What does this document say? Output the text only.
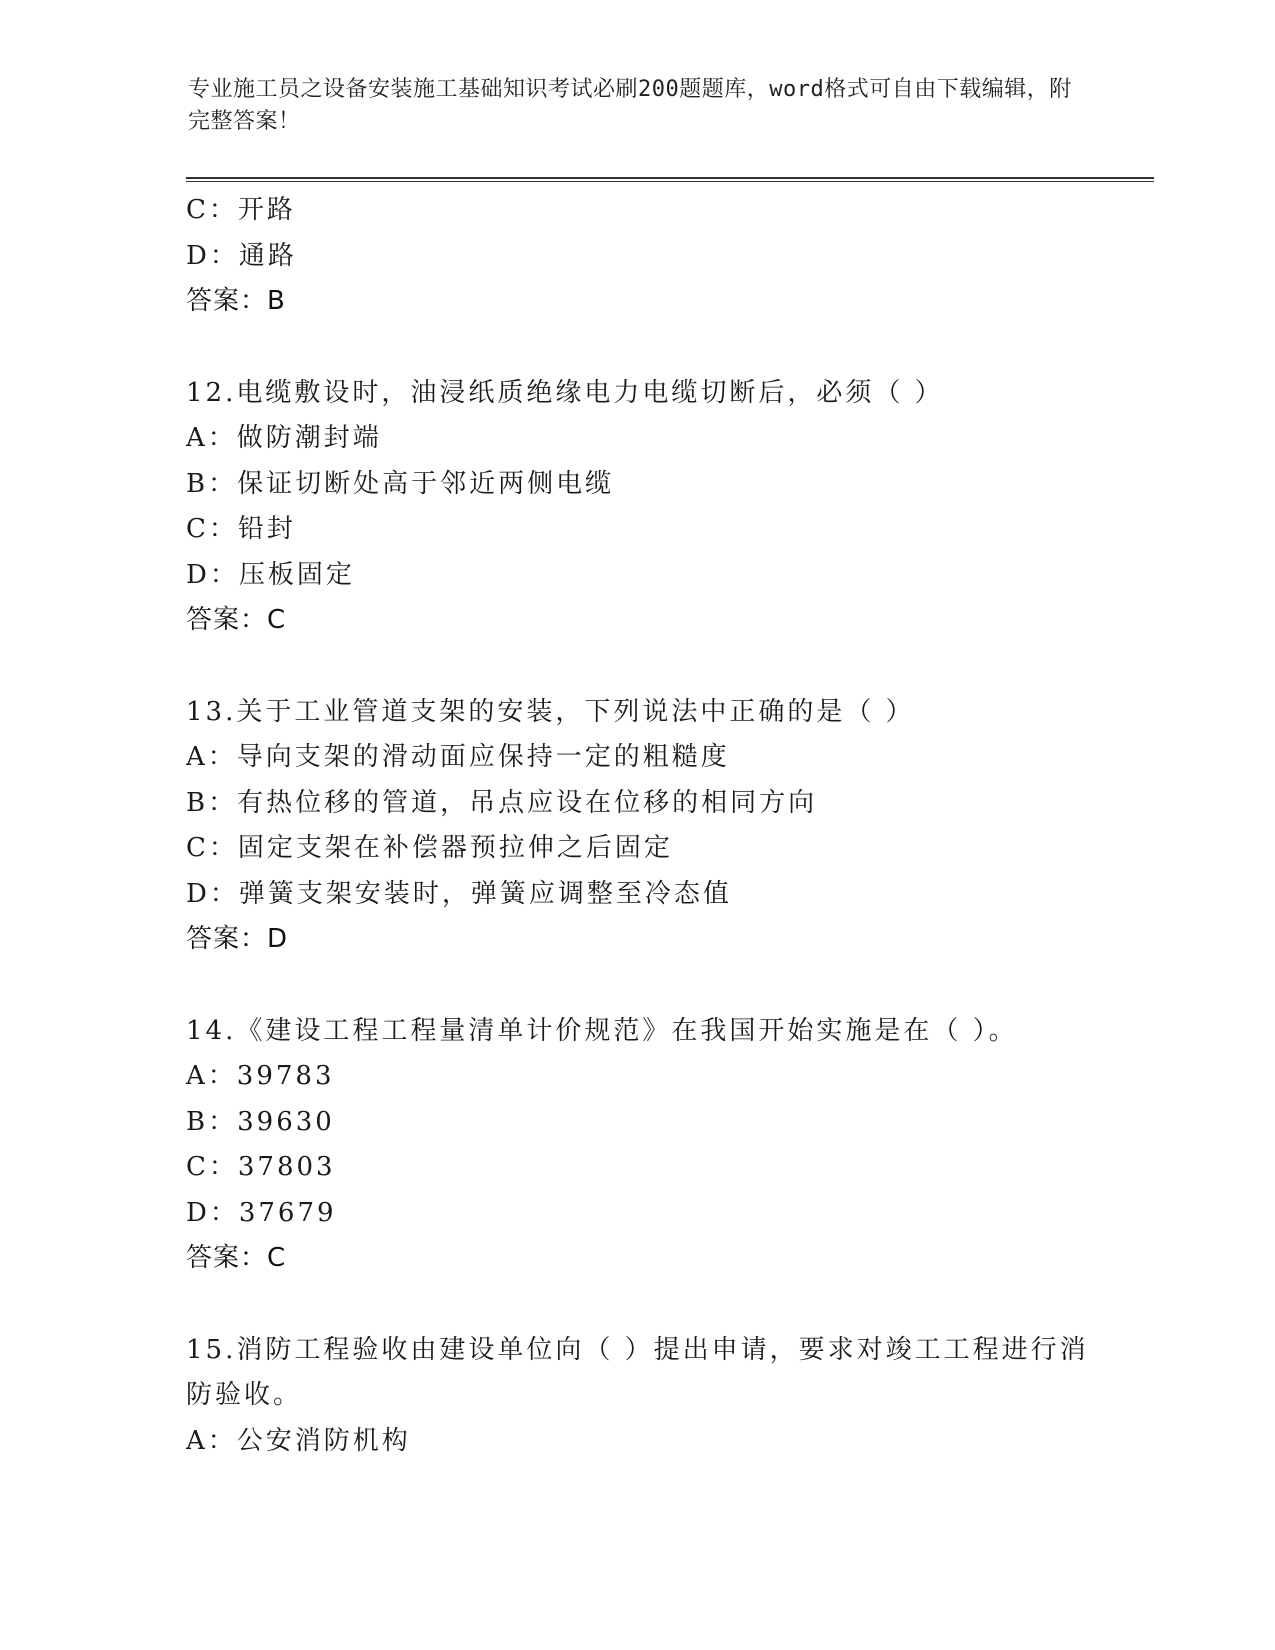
专业施工员之设备安装施工基础知识考试必刷200题题库，word格式可自由下载编辑，附完整答案！
C：开路
D：通路
答案：B
12.电缆敷设时，油浸纸质绝缘电力电缆切断后，必须（ ）
A：做防潮封端
B：保证切断处高于邻近两侧电缆
C：铅封
D：压板固定
答案：C
13.关于工业管道支架的安装，下列说法中正确的是（ ）
A：导向支架的滑动面应保持一定的粗糙度
B：有热位移的管道，吊点应设在位移的相同方向
C：固定支架在补偿器预拉伸之后固定
D：弹簧支架安装时，弹簧应调整至冷态值
答案：D
14.《建设工程工程量清单计价规范》在我国开始实施是在（ ）。
A：39783
B：39630
C：37803
D：37679
答案：C
15.消防工程验收由建设单位向（ ）提出申请，要求对竣工工程进行消防验收。
A：公安消防机构
